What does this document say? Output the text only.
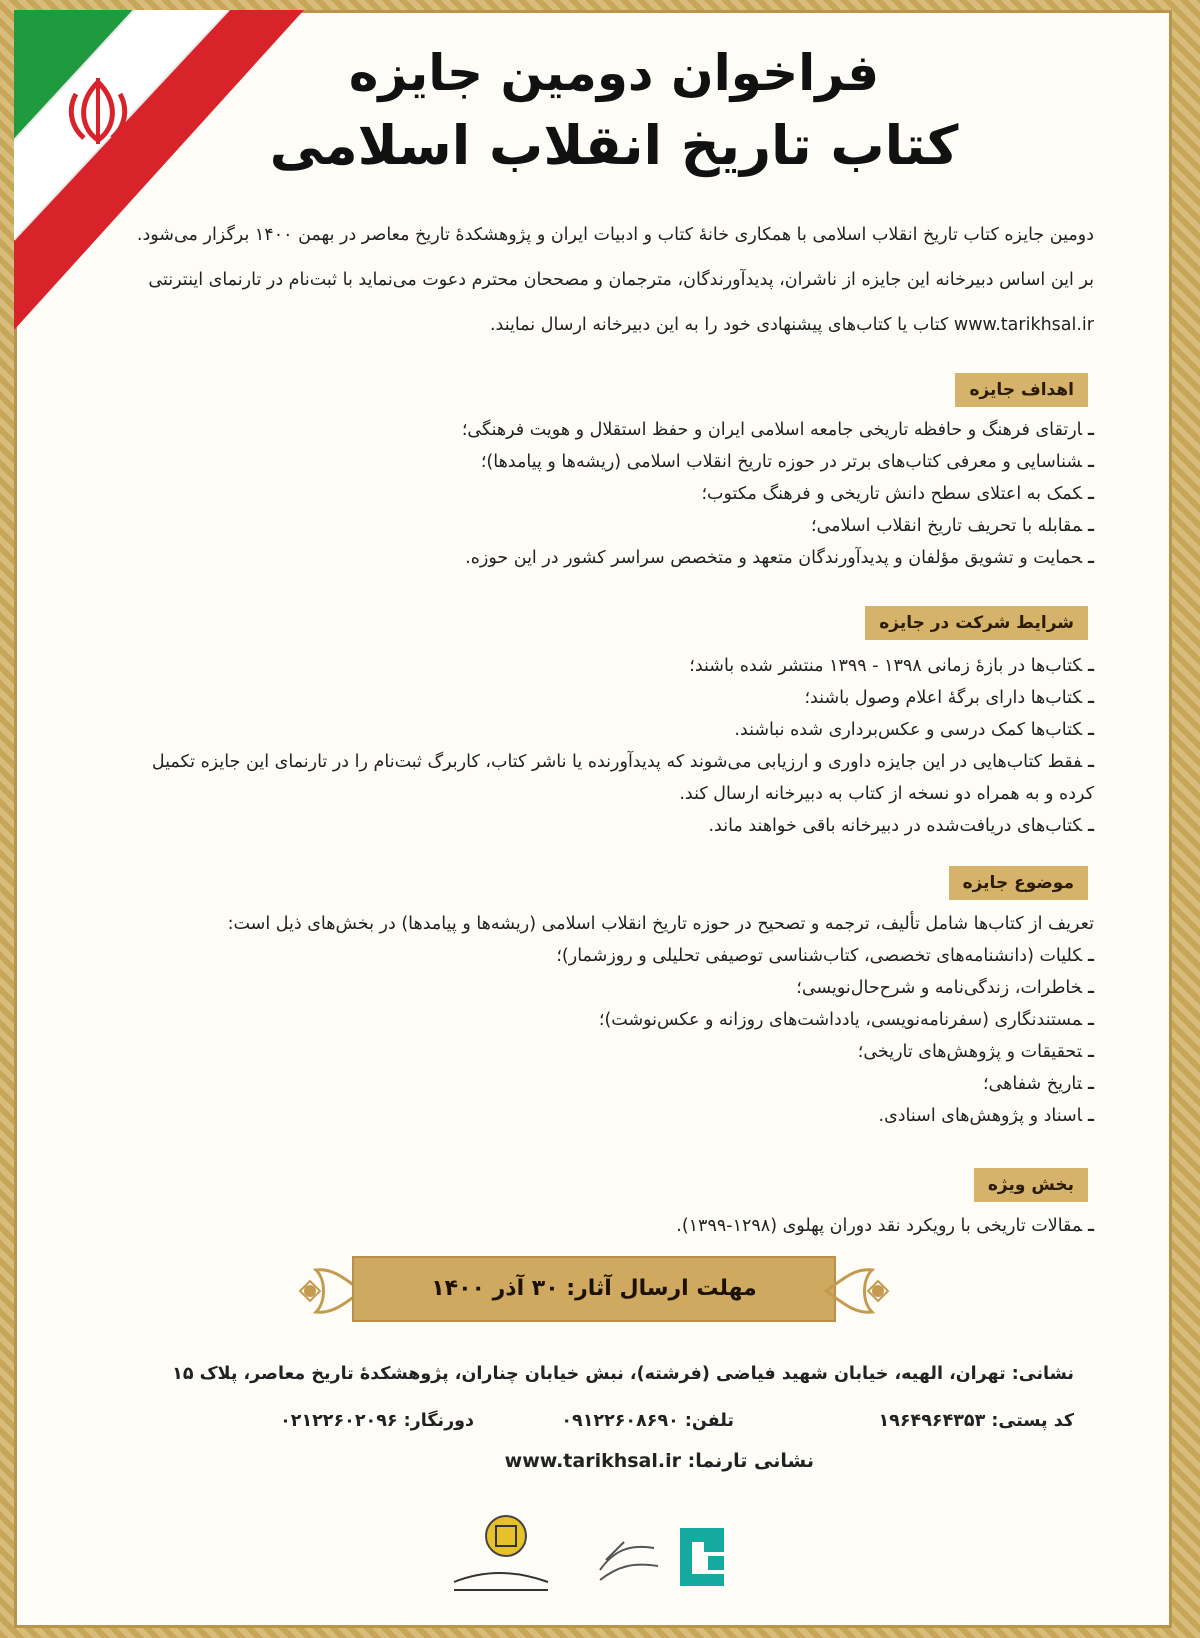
فراخوان دومین جایزه
کتاب تاریخ انقلاب اسلامی
دومین جایزه کتاب تاریخ انقلاب اسلامی با همکاری خانهٔ کتاب و ادبیات ایران و پژوهشکدهٔ تاریخ معاصر در بهمن ۱۴۰۰ برگزار می‌شود. بر این اساس دبیرخانه این جایزه از ناشران، پدیدآورندگان، مترجمان و مصححان محترم دعوت می‌نماید با ثبت‌نام در تارنمای اینترنتی www.tarikhsal.ir کتاب یا کتاب‌های پیشنهادی خود را به این دبیرخانه ارسال نمایند.
اهداف جایزه
ـارتقای فرهنگ و حافظه تاریخی جامعه اسلامی ایران و حفظ استقلال و هویت فرهنگی؛
ـشناسایی و معرفی کتاب‌های برتر در حوزه تاریخ انقلاب اسلامی (ریشه‌ها و پیامدها)؛
ـکمک به اعتلای سطح دانش تاریخی و فرهنگ مکتوب؛
ـمقابله با تحریف تاریخ انقلاب اسلامی؛
ـحمایت و تشویق مؤلفان و پدیدآورندگان متعهد و متخصص سراسر کشور در این حوزه.
شرایط شرکت در جایزه
ـکتاب‌ها در بازهٔ زمانی ۱۳۹۸ - ۱۳۹۹ منتشر شده باشند؛
ـکتاب‌ها دارای برگهٔ اعلام وصول باشند؛
ـکتاب‌ها کمک درسی و عکس‌برداری شده نباشند.
ـفقط کتاب‌هایی در این جایزه داوری و ارزیابی می‌شوند که پدیدآورنده یا ناشر کتاب، کاربرگ ثبت‌نام را در تارنمای این جایزه تکمیل کرده و به همراه دو نسخه از کتاب به دبیرخانه ارسال کند.
ـکتاب‌های دریافت‌شده در دبیرخانه باقی خواهند ماند.
موضوع جایزه
تعریف از کتاب‌ها شامل تألیف، ترجمه و تصحیح در حوزه تاریخ انقلاب اسلامی (ریشه‌ها و پیامدها) در بخش‌های ذیل است:
ـکلیات (دانشنامه‌های تخصصی، کتاب‌شناسی توصیفی تحلیلی و روزشمار)؛
ـخاطرات، زندگی‌نامه و شرح‌حال‌نویسی؛
ـمستندنگاری (سفرنامه‌نویسی، یادداشت‌های روزانه و عکس‌نوشت)؛
ـتحقیقات و پژوهش‌های تاریخی؛
ـتاریخ شفاهی؛
ـاسناد و پژوهش‌های اسنادی.
بخش ویژه
ـمقالات تاریخی با رویکرد نقد دوران پهلوی (۱۲۹۸-۱۳۹۹).
مهلت ارسال آثار: ۳۰ آذر ۱۴۰۰
نشانی: تهران، الهیه، خیابان شهید فیاضی (فرشته)، نبش خیابان چناران، پژوهشکدهٔ تاریخ معاصر، پلاک ۱۵
کد پستی: ۱۹۶۴۹۶۴۳۵۳
تلفن: ۰۹۱۲۲۶۰۸۶۹۰
دورنگار: ۰۲۱۲۲۶۰۲۰۹۶
نشانی تارنما: www.tarikhsal.ir
